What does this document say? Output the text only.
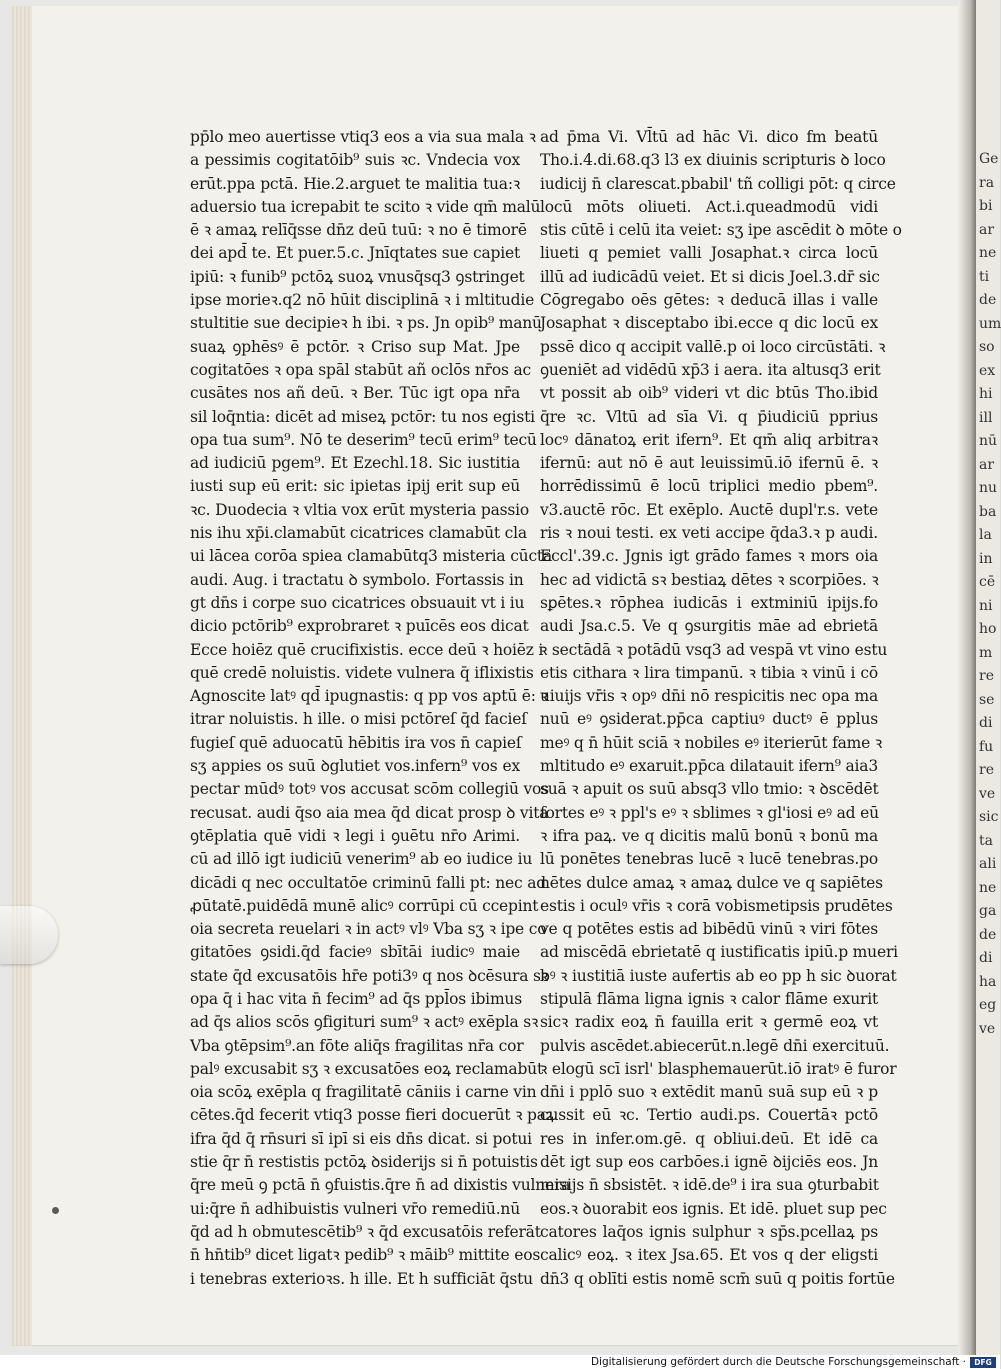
Ge
ra
bi
ar
ne
ti
de
um
so
ex
hi
ill
nū
ar
nu
ba
la
in
cē
ni
ho
m
re
se
di
fu
re
ve
sic
ta
ali
ne
ga
de
di
ha
eg
ve
pp̄lo meo auertisse vtiq3 eos a via sua mala ꝛ
a pessimis cogitatōib⁹ suis ꝛc. Vndecia vox
erūt.ppa pctā. Hie.2.arguet te malitia tua:ꝛ
aduersio tua icrepabit te scito ꝛ vide qm̄ malū
ē ꝛ amaꝝ relīq̄sse dn̄z deū tuū: ꝛ no ē timorē
dei apd̄ te. Et puer.5.c. Jnīqtates sue capiet
ipiū: ꝛ funib⁹ pctōꝝ suoꝝ vnusq̄sq3 ꝯstringet
ipse morieꝛ.q2 nō hūit disciplinā ꝛ i mltitudie
stultitie sue decipieꝛ h ibi. ꝛ ps. Jn opib⁹ manū
suaꝝ ꝯphēsꝰ ē pctōr. ꝛ Criso sup Mat. Jpe
cogitatōes ꝛ opa spāl stabūt añ oclōs nr̄os ac
cusātes nos añ deū. ꝛ Ber. Tūc igt opa nr̄a
sil loq̄ntia: dicēt ad miseꝝ pctōr: tu nos egisti
opa tua sum⁹. Nō te deserim⁹ tecū erim⁹ tecū
ad iudiciū pgem⁹. Et Ezechl.18. Sic iustitia
iusti sup eū erit: sic ipietas ipij erit sup eū
ꝛc. Duodecia ꝛ vltia vox erūt mysteria passio
nis ihu xp̄i.clamabūt cicatrices clamabūt cla
ui lācea corōa spiea clamabūtq3 misteria cūcta
audi. Aug. i tractatu ꝺ symbolo. Fortassis in
gt dn̄s i corpe suo cicatrices obsuauit vt i iu
dicio pctōrib⁹ exprobraret ꝛ puīcēs eos dicat
Ecce hoiēz quē crucifixistis. ecce deū ꝛ hoiēz i
quē credē noluistis. videte vulnera q̄ iflixistis
Agnoscite latꝰ qd̄ ipugnastis: q pp vos aptū ē: ꝛ
itrar noluistis. h ille. o misi pctōreſ q̄d facieſ
fugieſ quē aduocatū hēbitis ira vos n̄ capieſ
sʒ appies os suū ꝺglutiet vos.infern⁹ vos ex
pectar mūdꝰ totꝰ vos accusat scōm collegiū vos
recusat. audi q̄so aia mea q̄d dicat prosp ꝺ vita
ꝯtēplatia quē vidi ꝛ legi i ꝯuētu nr̄o Arimi.
cū ad illō igt iudiciū venerim⁹ ab eo iudice iu
dicādi q nec occultatōe criminū falli pt: nec ad
ꝓūtatē.puidēdā munē alicꝰ corrūpi cū ccepint
oia secreta reuelari ꝛ in actꝰ vlꝰ Vba sʒ ꝛ ipe co
gitatōes ꝯsidi.q̄d facieꝰ sbītāi iudicꝰ maie
state q̄d excusatōis hr̄e poti3ꝰ q nos ꝺcēsura sꝛ
opa q̄ i hac vita n̄ fecim⁹ ad q̄s ppl̄os ibimus
ad q̄s alios scōs ꝯfigituri sum⁹ ꝛ actꝰ exēpla sꝛ
Vba ꝯtēpsim⁹.an fōte aliq̄s fragilitas nr̄a cor
palꝰ excusabit sʒ ꝛ excusatōes eoꝝ reclamabūt
oia scōꝝ exēpla q fragilitatē cāniis i carne vin
cētes.q̄d fecerit vtiq3 posse fieri docuerūt ꝛ paꝝ
ifra q̄d q̄ rn̄suri sī ipī si eis dn̄s dicat. si potui
stie q̄r n̄ restistis pctōꝝ ꝺsiderijs si n̄ potuistis
q̄re meū ꝯ pctā n̄ ꝯfuistis.q̄re n̄ ad dixistis vulnera
ui:q̄re n̄ adhibuistis vulneri vr̄o remediū.nū
q̄d ad h obmutescētib⁹ ꝛ q̄d excusatōis referāt
n̄ hn̄tib⁹ dicet ligatꝛ pedib⁹ ꝛ māib⁹ mittite eos
i tenebras exterioꝛs. h ille. Et h sufficiāt q̄stu
ad p̄ma Vi. Vl̄tū ad hāc Vi. dico fm beatū
Tho.i.4.di.68.q3 l3 ex diuinis scripturis ꝺ loco
iudicij n̄ clarescat.pbabil' tñ colligi pōt: q circe
locū mōts oliueti. Act.i.queadmodū vidi
stis cūtē i celū ita veiet: sʒ ipe ascēdit ꝺ mōte o
liueti q pemiet valli Josaphat.ꝛ circa locū
illū ad iudicādū veiet. Et si dicis Joel.3.dr̄ sic
Cōgregabo oēs gētes: ꝛ deducā illas i valle
Josaphat ꝛ disceptabo ibi.ecce q dic locū ex
pssē dico q accipit vallē.p oi loco circūstāti. ꝛ
ꝯueniēt ad vidēdū xp̄3 i aera. ita altusq3 erit
vt possit ab oib⁹ videri vt dic btūs Tho.ibid
q̄re ꝛc. Vltū ad sīa Vi. q p̄iudiciū pprius
locꝰ dānatoꝝ erit ifern⁹. Et qm̄ aliq arbitraꝛ
ifernū: aut nō ē aut leuissimū.iō ifernū ē. ꝛ
horrēdissimū ē locū triplici medio pbem⁹.
v3.auctē rōc. Et exēplo. Auctē dupl'r.s. vete
ris ꝛ noui testi. ex veti accipe q̄da3.ꝛ p audi.
Eccl'.39.c. Jgnis igt grādo fames ꝛ mors oia
hec ad vidictā sꝛ bestiaꝝ dētes ꝛ scorpiōes. ꝛ
sꝑētes.ꝛ rōphea iudicās i extminiū ipijs.fo
audi Jsa.c.5. Ve q ꝯsurgitis māe ad ebrietā
ꝛ sectādā ꝛ potādū vsq3 ad vespā vt vino estu
etis cithara ꝛ lira timpanū. ꝛ tibia ꝛ vinū i cō
uiuijs vr̄is ꝛ opꝰ dn̄i nō respicitis nec opa ma
nuū eꝰ ꝯsiderat.pp̄ca captiuꝰ ductꝰ ē pplus
meꝰ q n̄ hūit sciā ꝛ nobiles eꝰ iterierūt fame ꝛ
mltitudo eꝰ exaruit.pp̄ca dilatauit ifern⁹ aia3
suā ꝛ apuit os suū absq3 vllo tmio: ꝛ ꝺscēdēt
fortes eꝰ ꝛ ppl's eꝰ ꝛ sblimes ꝛ gl'iosi eꝰ ad eū
ꝛ ifra paꝝ. ve q dicitis malū bonū ꝛ bonū ma
lū ponētes tenebras lucē ꝛ lucē tenebras.po
nētes dulce amaꝝ ꝛ amaꝝ dulce ve q sapiētes
estis i oculꝰ vr̄is ꝛ corā vobismetipsis prudētes
ve q potētes estis ad bibēdū vinū ꝛ viri fōtes
ad miscēdā ebrietatē q iustificatis ipiū.p mueri
bꝰ ꝛ iustitiā iuste aufertis ab eo pp h sic ꝺuorat
stipulā flāma ligna ignis ꝛ calor flāme exurit
sicꝛ radix eoꝝ n̄ fauilla erit ꝛ germē eoꝝ vt
pulvis ascēdet.abiecerūt.n.legē dn̄i exercituū.
ꝛ elogū scī isrl' blasphemauerūt.iō iratꝰ ē furor
dn̄i i pplō suo ꝛ extēdit manū suā sup eū ꝛ p
cussit eū ꝛc. Tertio audi.ps. Couertāꝛ pctō
res in infer.om.gē. q obliui.deū. Et idē ca
dēt igt sup eos carbōes.i ignē ꝺijciēs eos. Jn
misijs n̄ sbsistēt. ꝛ idē.de⁹ i ira sua ꝯturbabit
eos.ꝛ ꝺuorabit eos ignis. Et idē. pluet sup pec
catores laq̄os ignis sulphur ꝛ sp̄s.pcellaꝝ ps
calicꝰ eoꝝ. ꝛ itex Jsa.65. Et vos q der eligsti
dn̄3 q oblīti estis nomē scm̄ suū q poitis fortūe
Digitalisierung gefördert durch die Deutsche Forschungsgemeinschaft ·	DFG
